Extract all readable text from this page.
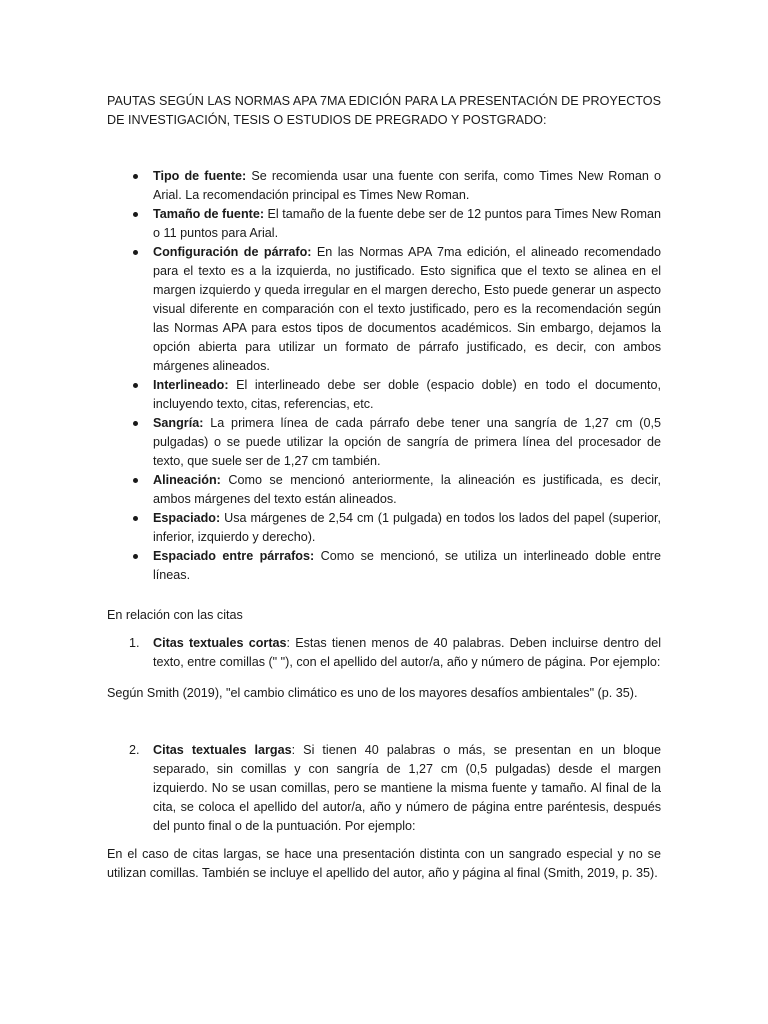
PAUTAS SEGÚN LAS NORMAS APA 7MA EDICIÓN PARA LA PRESENTACIÓN DE PROYECTOS DE INVESTIGACIÓN, TESIS O ESTUDIOS DE PREGRADO Y POSTGRADO:
Tipo de fuente: Se recomienda usar una fuente con serifa, como Times New Roman o Arial. La recomendación principal es Times New Roman.
Tamaño de fuente: El tamaño de la fuente debe ser de 12 puntos para Times New Roman o 11 puntos para Arial.
Configuración de párrafo: En las Normas APA 7ma edición, el alineado recomendado para el texto es a la izquierda, no justificado. Esto significa que el texto se alinea en el margen izquierdo y queda irregular en el margen derecho, Esto puede generar un aspecto visual diferente en comparación con el texto justificado, pero es la recomendación según las Normas APA para estos tipos de documentos académicos. Sin embargo, dejamos la opción abierta para utilizar un formato de párrafo justificado, es decir, con ambos márgenes alineados.
Interlineado: El interlineado debe ser doble (espacio doble) en todo el documento, incluyendo texto, citas, referencias, etc.
Sangría: La primera línea de cada párrafo debe tener una sangría de 1,27 cm (0,5 pulgadas) o se puede utilizar la opción de sangría de primera línea del procesador de texto, que suele ser de 1,27 cm también.
Alineación: Como se mencionó anteriormente, la alineación es justificada, es decir, ambos márgenes del texto están alineados.
Espaciado: Usa márgenes de 2,54 cm (1 pulgada) en todos los lados del papel (superior, inferior, izquierdo y derecho).
Espaciado entre párrafos: Como se mencionó, se utiliza un interlineado doble entre líneas.
En relación con las citas
1. Citas textuales cortas: Estas tienen menos de 40 palabras. Deben incluirse dentro del texto, entre comillas (" "), con el apellido del autor/a, año y número de página. Por ejemplo:
Según Smith (2019), "el cambio climático es uno de los mayores desafíos ambientales" (p. 35).
2. Citas textuales largas: Si tienen 40 palabras o más, se presentan en un bloque separado, sin comillas y con sangría de 1,27 cm (0,5 pulgadas) desde el margen izquierdo. No se usan comillas, pero se mantiene la misma fuente y tamaño. Al final de la cita, se coloca el apellido del autor/a, año y número de página entre paréntesis, después del punto final o de la puntuación. Por ejemplo:
En el caso de citas largas, se hace una presentación distinta con un sangrado especial y no se utilizan comillas. También se incluye el apellido del autor, año y página al final (Smith, 2019, p. 35).
